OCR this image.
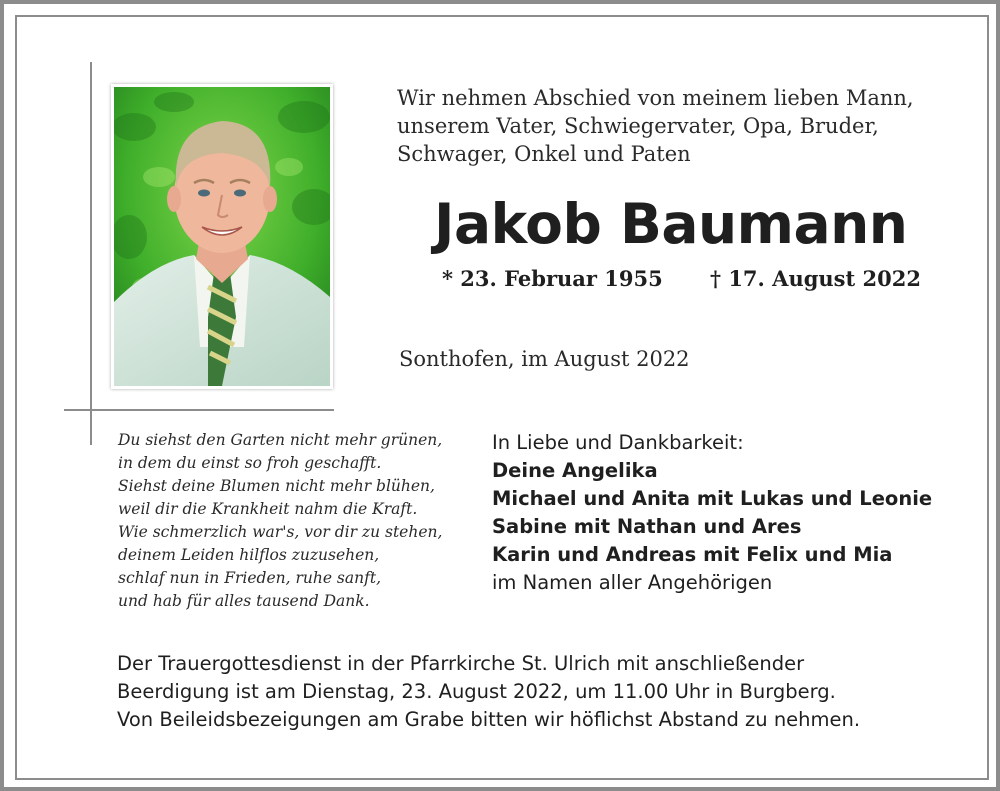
Wir nehmen Abschied von meinem lieben Mann,
unserem Vater, Schwiegervater, Opa, Bruder,
Schwager, Onkel und Paten
Jakob Baumann
* 23. Februar 1955 † 17. August 2022
Sonthofen, im August 2022
Du siehst den Garten nicht mehr grünen,
in dem du einst so froh geschafft.
Siehst deine Blumen nicht mehr blühen,
weil dir die Krankheit nahm die Kraft.
Wie schmerzlich war's, vor dir zu stehen,
deinem Leiden hilflos zuzusehen,
schlaf nun in Frieden, ruhe sanft,
und hab für alles tausend Dank.
In Liebe und Dankbarkeit:
Deine Angelika
Michael und Anita mit Lukas und Leonie
Sabine mit Nathan und Ares
Karin und Andreas mit Felix und Mia
im Namen aller Angehörigen
Der Trauergottesdienst in der Pfarrkirche St. Ulrich mit anschließender
Beerdigung ist am Dienstag, 23. August 2022, um 11.00 Uhr in Burgberg.
Von Beileidsbezeigungen am Grabe bitten wir höflichst Abstand zu nehmen.
